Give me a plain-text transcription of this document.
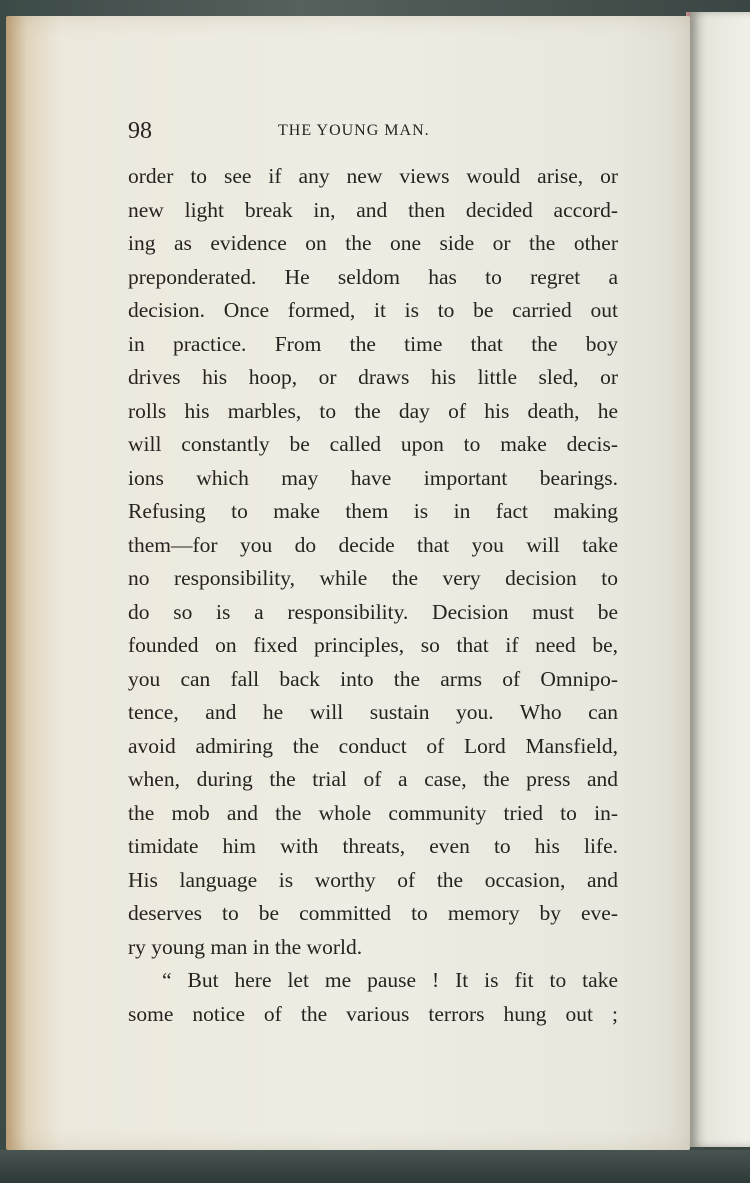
98	THE YOUNG MAN.
order to see if any new views would arise, or
new light break in, and then decided accord-
ing as evidence on the one side or the other
preponderated. He seldom has to regret a
decision. Once formed, it is to be carried out
in practice. From the time that the boy
drives his hoop, or draws his little sled, or
rolls his marbles, to the day of his death, he
will constantly be called upon to make decis-
ions which may have important bearings.
Refusing to make them is in fact making
them—for you do decide that you will take
no responsibility, while the very decision to
do so is a responsibility. Decision must be
founded on fixed principles, so that if need be,
you can fall back into the arms of Omnipo-
tence, and he will sustain you. Who can
avoid admiring the conduct of Lord Mansfield,
when, during the trial of a case, the press and
the mob and the whole community tried to in-
timidate him with threats, even to his life.
His language is worthy of the occasion, and
deserves to be committed to memory by eve-
ry young man in the world.
“ But here let me pause ! It is fit to take
some notice of the various terrors hung out ;
